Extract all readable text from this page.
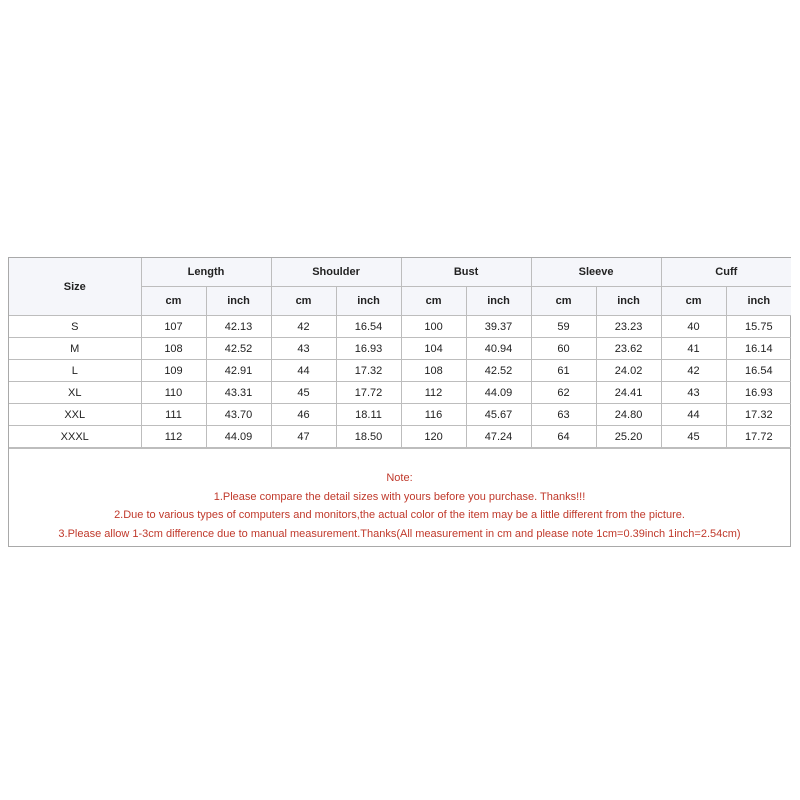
Size	Length		Shoulder		Bust		Sleeve		Cuff	
	cm	inch	cm	inch	cm	inch	cm	inch	cm	inch
S	107	42.13	42	16.54	100	39.37	59	23.23	40	15.75
M	108	42.52	43	16.93	104	40.94	60	23.62	41	16.14
L	109	42.91	44	17.32	108	42.52	61	24.02	42	16.54
XL	110	43.31	45	17.72	112	44.09	62	24.41	43	16.93
XXL	111	43.70	46	18.11	116	45.67	63	24.80	44	17.32
XXXL	112	44.09	47	18.50	120	47.24	64	25.20	45	17.72
Note:
1.Please compare the detail sizes with yours before you purchase. Thanks!!!
2.Due to various types of computers and monitors,the actual color of the item may be a little different from the picture.
3.Please allow 1-3cm difference due to manual measurement.Thanks(All measurement in cm and please note 1cm=0.39inch 1inch=2.54cm)
